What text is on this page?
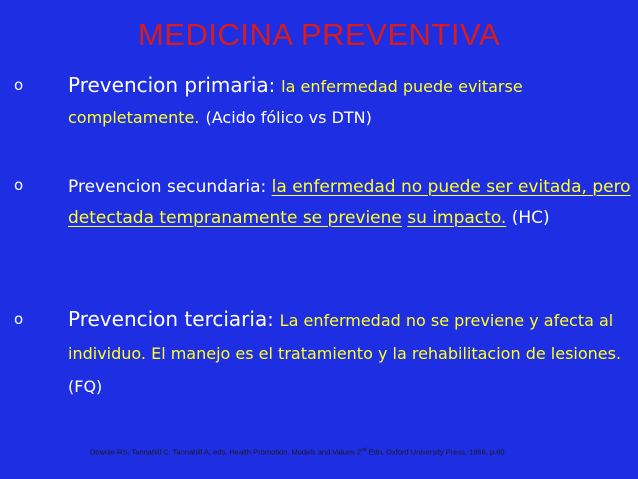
MEDICINA PREVENTIVA
o Prevencion primaria: la enfermedad puede evitarse completamente. (Acido fólico vs DTN)
o	Prevencion secundaria: la enfermedad no puede ser evitada, pero detectada tempranamente se previene su impacto. (HC)
o Prevencion terciaria: La enfermedad no se previene y afecta al individuo. El manejo es el tratamiento y la rehabilitacion de lesiones. (FQ)
Downie RS, Tannahill C, Tannahill A, eds. Health Promotion. Models and Values 2nd Edn. Oxford University Press, 1966, p.60
